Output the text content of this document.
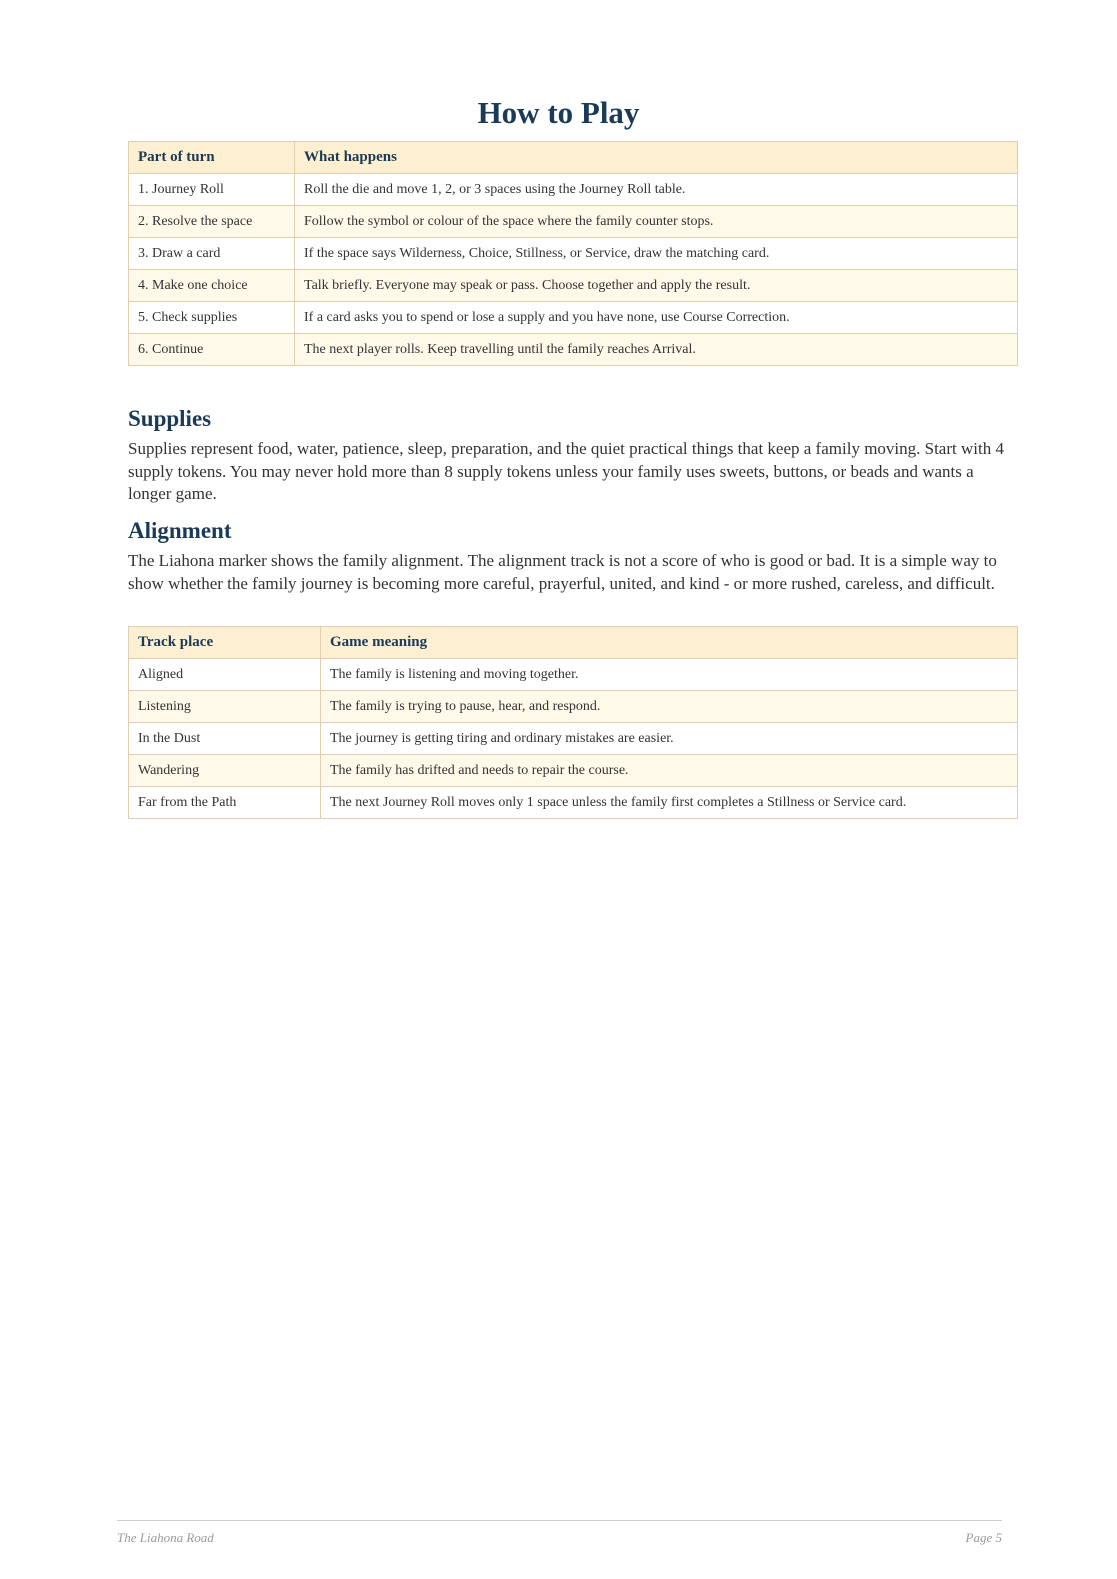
How to Play
Part of turn	What happens
1. Journey Roll	Roll the die and move 1, 2, or 3 spaces using the Journey Roll table.
2. Resolve the space	Follow the symbol or colour of the space where the family counter stops.
3. Draw a card	If the space says Wilderness, Choice, Stillness, or Service, draw the matching card.
4. Make one choice	Talk briefly. Everyone may speak or pass. Choose together and apply the result.
5. Check supplies	If a card asks you to spend or lose a supply and you have none, use Course Correction.
6. Continue	The next player rolls. Keep travelling until the family reaches Arrival.
Supplies

Supplies represent food, water, patience, sleep, preparation, and the quiet practical things that keep a family moving. Start with 4 supply tokens. You may never hold more than 8 supply tokens unless your family uses sweets, buttons, or beads and wants a longer game.

Alignment

The Liahona marker shows the family alignment. The alignment track is not a score of who is good or bad. It is a simple way to show whether the family journey is becoming more careful, prayerful, united, and kind - or more rushed, careless, and difficult.

Track place	Game meaning
Aligned	The family is listening and moving together.
Listening	The family is trying to pause, hear, and respond.
In the Dust	The journey is getting tiring and ordinary mistakes are easier.
Wandering	The family has drifted and needs to repair the course.
Far from the Path	The next Journey Roll moves only 1 space unless the family first completes a Stillness or Service card.
The Liahona Road	Page 5
